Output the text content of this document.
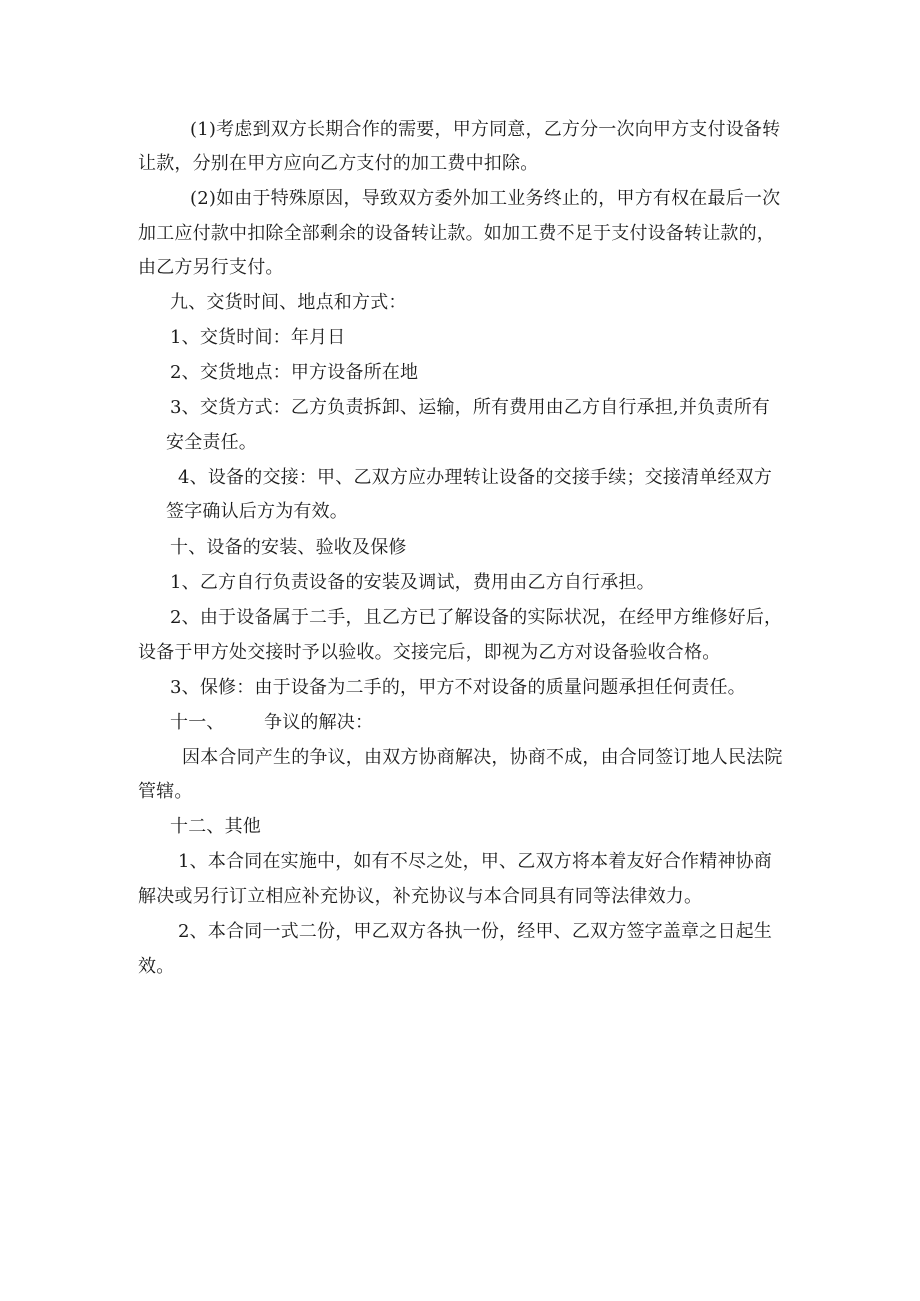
(1)考虑到双方长期合作的需要，甲方同意，乙方分一次向甲方支付设备转
让款，分别在甲方应向乙方支付的加工费中扣除。
(2)如由于特殊原因，导致双方委外加工业务终止的，甲方有权在最后一次
加工应付款中扣除全部剩余的设备转让款。如加工费不足于支付设备转让款的，
由乙方另行支付。
九、交货时间、地点和方式：
1、交货时间：年月日
2、交货地点：甲方设备所在地
3、交货方式：乙方负责拆卸、运输，所有费用由乙方自行承担,并负责所有
安全责任。
4、设备的交接：甲、乙双方应办理转让设备的交接手续；交接清单经双方
签字确认后方为有效。
十、设备的安装、验收及保修
1、乙方自行负责设备的安装及调试，费用由乙方自行承担。
2、由于设备属于二手，且乙方已了解设备的实际状况，在经甲方维修好后，
设备于甲方处交接时予以验收。交接完后，即视为乙方对设备验收合格。
3、保修：由于设备为二手的，甲方不对设备的质量问题承担任何责任。
十一、 争议的解决：
因本合同产生的争议，由双方协商解决，协商不成，由合同签订地人民法院
管辖。
十二、其他
1、本合同在实施中，如有不尽之处，甲、乙双方将本着友好合作精神协商
解决或另行订立相应补充协议，补充协议与本合同具有同等法律效力。
2、本合同一式二份，甲乙双方各执一份，经甲、乙双方签字盖章之日起生
效。
